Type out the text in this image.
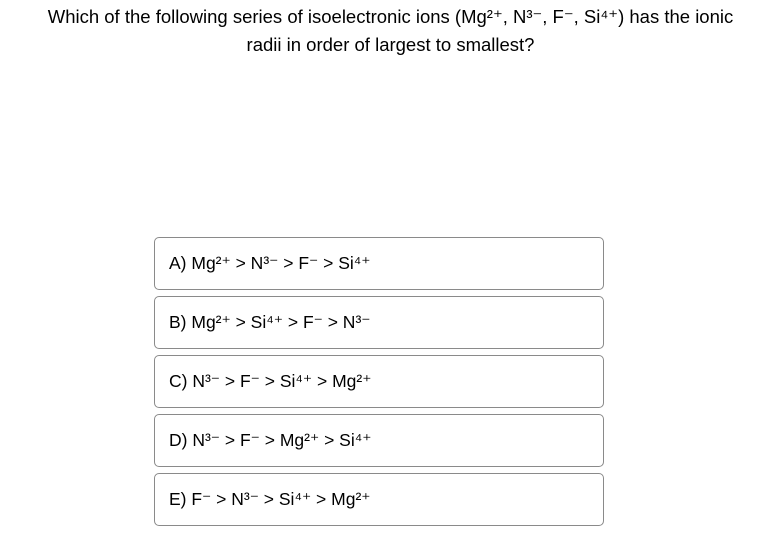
Which of the following series of isoelectronic ions (Mg²⁺, N³⁻, F⁻, Si⁴⁺) has the ionic
radii in order of largest to smallest?
A) Mg²⁺ > N³⁻ > F⁻ > Si⁴⁺
B) Mg²⁺ > Si⁴⁺ > F⁻ > N³⁻
C) N³⁻ > F⁻ > Si⁴⁺ > Mg²⁺
D) N³⁻ > F⁻ > Mg²⁺ > Si⁴⁺
E) F⁻ > N³⁻ > Si⁴⁺ > Mg²⁺
